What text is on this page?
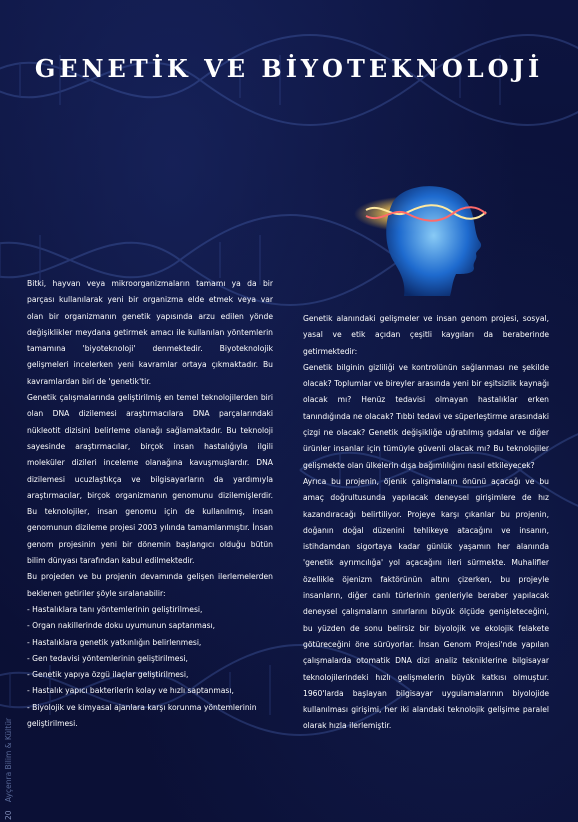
GENETİK VE BİYOTEKNOLOJİ

Bitki, hayvan veya mikroorganizmaların tamamı ya da bir parçası kullanılarak yeni bir organizma elde etmek veya var olan bir organizmanın genetik yapısında arzu edilen yönde değişiklikler meydana getirmek amacı ile kullanılan yöntemlerin tamamına 'biyoteknoloji' denmektedir. Biyoteknolojik gelişmeleri incelerken yeni kavramlar ortaya çıkmaktadır. Bu kavramlardan biri de 'genetik'tir.

Genetik çalışmalarında geliştirilmiş en temel teknolojilerden biri olan DNA dizilemesi araştırmacılara DNA parçalarındaki nükleotit dizisini belirleme olanağı sağlamaktadır. Bu teknoloji sayesinde araştırmacılar, birçok insan hastalığıyla ilgili moleküler dizileri inceleme olanağına kavuşmuşlardır. DNA dizilemesi ucuzlaştıkça ve bilgisayarların da yardımıyla araştırmacılar, birçok organizmanın genomunu dizilemişlerdir. Bu teknolojiler, insan genomu için de kullanılmış, insan genomunun dizileme projesi 2003 yılında tamamlanmıştır. İnsan genom projesinin yeni bir dönemin başlangıcı olduğu bütün bilim dünyası tarafından kabul edilmektedir.

Bu projeden ve bu projenin devamında gelişen ilerlemelerden beklenen getiriler şöyle sıralanabilir:

- Hastalıklara tanı yöntemlerinin geliştirilmesi,

- Organ nakillerinde doku uyumunun saptanması,

- Hastalıklara genetik yatkınlığın belirlenmesi,

- Gen tedavisi yöntemlerinin geliştirilmesi,

- Genetik yapıya özgü ilaçlar geliştirilmesi,

- Hastalık yapıcı bakterilerin kolay ve hızlı saptanması,

- Biyolojik ve kimyasal ajanlara karşı korunma yöntemlerinin geliştirilmesi.

Genetik alanındaki gelişmeler ve insan genom projesi, sosyal, yasal ve etik açıdan çeşitli kaygıları da beraberinde getirmektedir:

Genetik bilginin gizliliği ve kontrolünün sağlanması ne şekilde olacak? Toplumlar ve bireyler arasında yeni bir eşitsizlik kaynağı olacak mı? Henüz tedavisi olmayan hastalıklar erken tanındığında ne olacak? Tıbbi tedavi ve süperleştirme arasındaki çizgi ne olacak? Genetik değişikliğe uğratılmış gıdalar ve diğer ürünler insanlar için tümüyle güvenli olacak mı? Bu teknolojiler gelişmekte olan ülkelerin dışa bağımlılığını nasıl etkileyecek?

Ayrıca bu projenin, öjenik çalışmaların önünü açacağı ve bu amaç doğrultusunda yapılacak deneysel girişimlere de hız kazandıracağı belirtiliyor. Projeye karşı çıkanlar bu projenin, doğanın doğal düzenini tehlikeye atacağını ve insanın, istihdamdan sigortaya kadar günlük yaşamın her alanında 'genetik ayrımcılığa' yol açacağını ileri sürmekte. Muhalifler özellikle öjenizm faktörünün altını çizerken, bu projeyle insanların, diğer canlı türlerinin genleriyle beraber yapılacak deneysel çalışmaların sınırlarını büyük ölçüde genişleteceğini, bu yüzden de sonu belirsiz bir biyolojik ve ekolojik felakete götüreceğini öne sürüyorlar. İnsan Genom Projesi'nde yapılan çalışmalarda otomatik DNA dizi analiz tekniklerine bilgisayar teknolojilerindeki hızlı gelişmelerin büyük katkısı olmuştur. 1960'larda başlayan bilgisayar uygulamalarının biyolojide kullanılması girişimi, her iki alandaki teknolojik gelişime paralel olarak hızla ilerlemiştir.

20 Ayçenra Bilim & Kültür
